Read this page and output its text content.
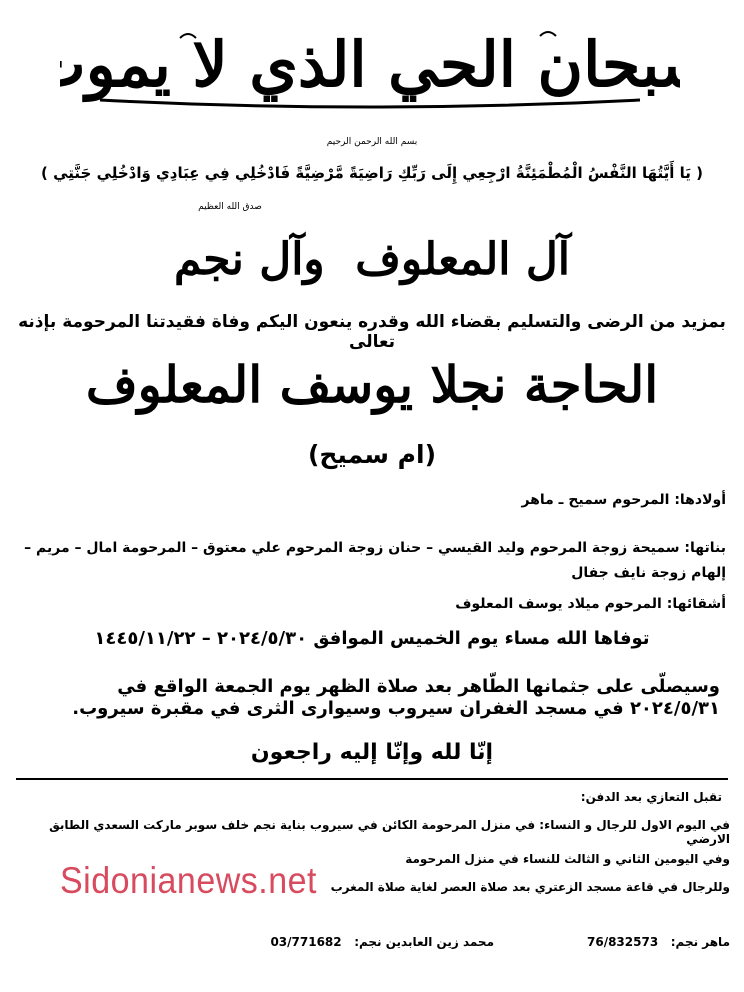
سبحان الحي الذي لا يموت
بسم الله الرحمن الرحيم
( يَا أَيَّتُهَا النَّفْسُ الْمُطْمَئِنَّةُ ارْجِعِي إِلَى رَبِّكِ رَاضِيَةً مَّرْضِيَّةً فَادْخُلِي فِي عِبَادِي وَادْخُلِي جَنَّتِي )
صدق الله العظيم
آل المعلوف  وآل نجم
بمزيد من الرضى والتسليم بقضاء الله وقدره ينعون اليكم وفاة فقيدتنا المرحومة بإذنه تعالى
الحاجة نجلا يوسف المعلوف
(ام سميح)
أولادها: المرحوم سميح ـ ماهر
بناتها: سميحة زوجة المرحوم وليد القيسي – حنان زوجة المرحوم علي معتوق – المرحومة امال – مريم – إلهام زوجة نايف جفال
أشقائها: المرحوم ميلاد يوسف المعلوف
توفاها الله مساء يوم الخميس الموافق ٢٠٢٤/٥/٣٠ – ١٤٤٥/١١/٢٢
وسيصلّى على جثمانها الطّاهر بعد صلاة الظهر يوم الجمعة الواقع في ٢٠٢٤/٥/٣١ في مسجد الغفران سيروب وسيوارى الثرى في مقبرة سيروب.
إنّا لله وإنّا إليه راجعون
تقبل التعازي بعد الدفن:
في اليوم الاول للرجال و النساء: في منزل المرحومة الكائن في سيروب بناية نجم خلف سوبر ماركت السعدي الطابق الارضي
وفي اليومين الثاني و الثالث للنساء في منزل المرحومة
وللرجال في قاعة مسجد الزعتري بعد صلاة العصر لغاية صلاة المغرب
Sidonianews.net
ماهر نجم:   76/832573
محمد زين العابدين نجم:   03/771682
